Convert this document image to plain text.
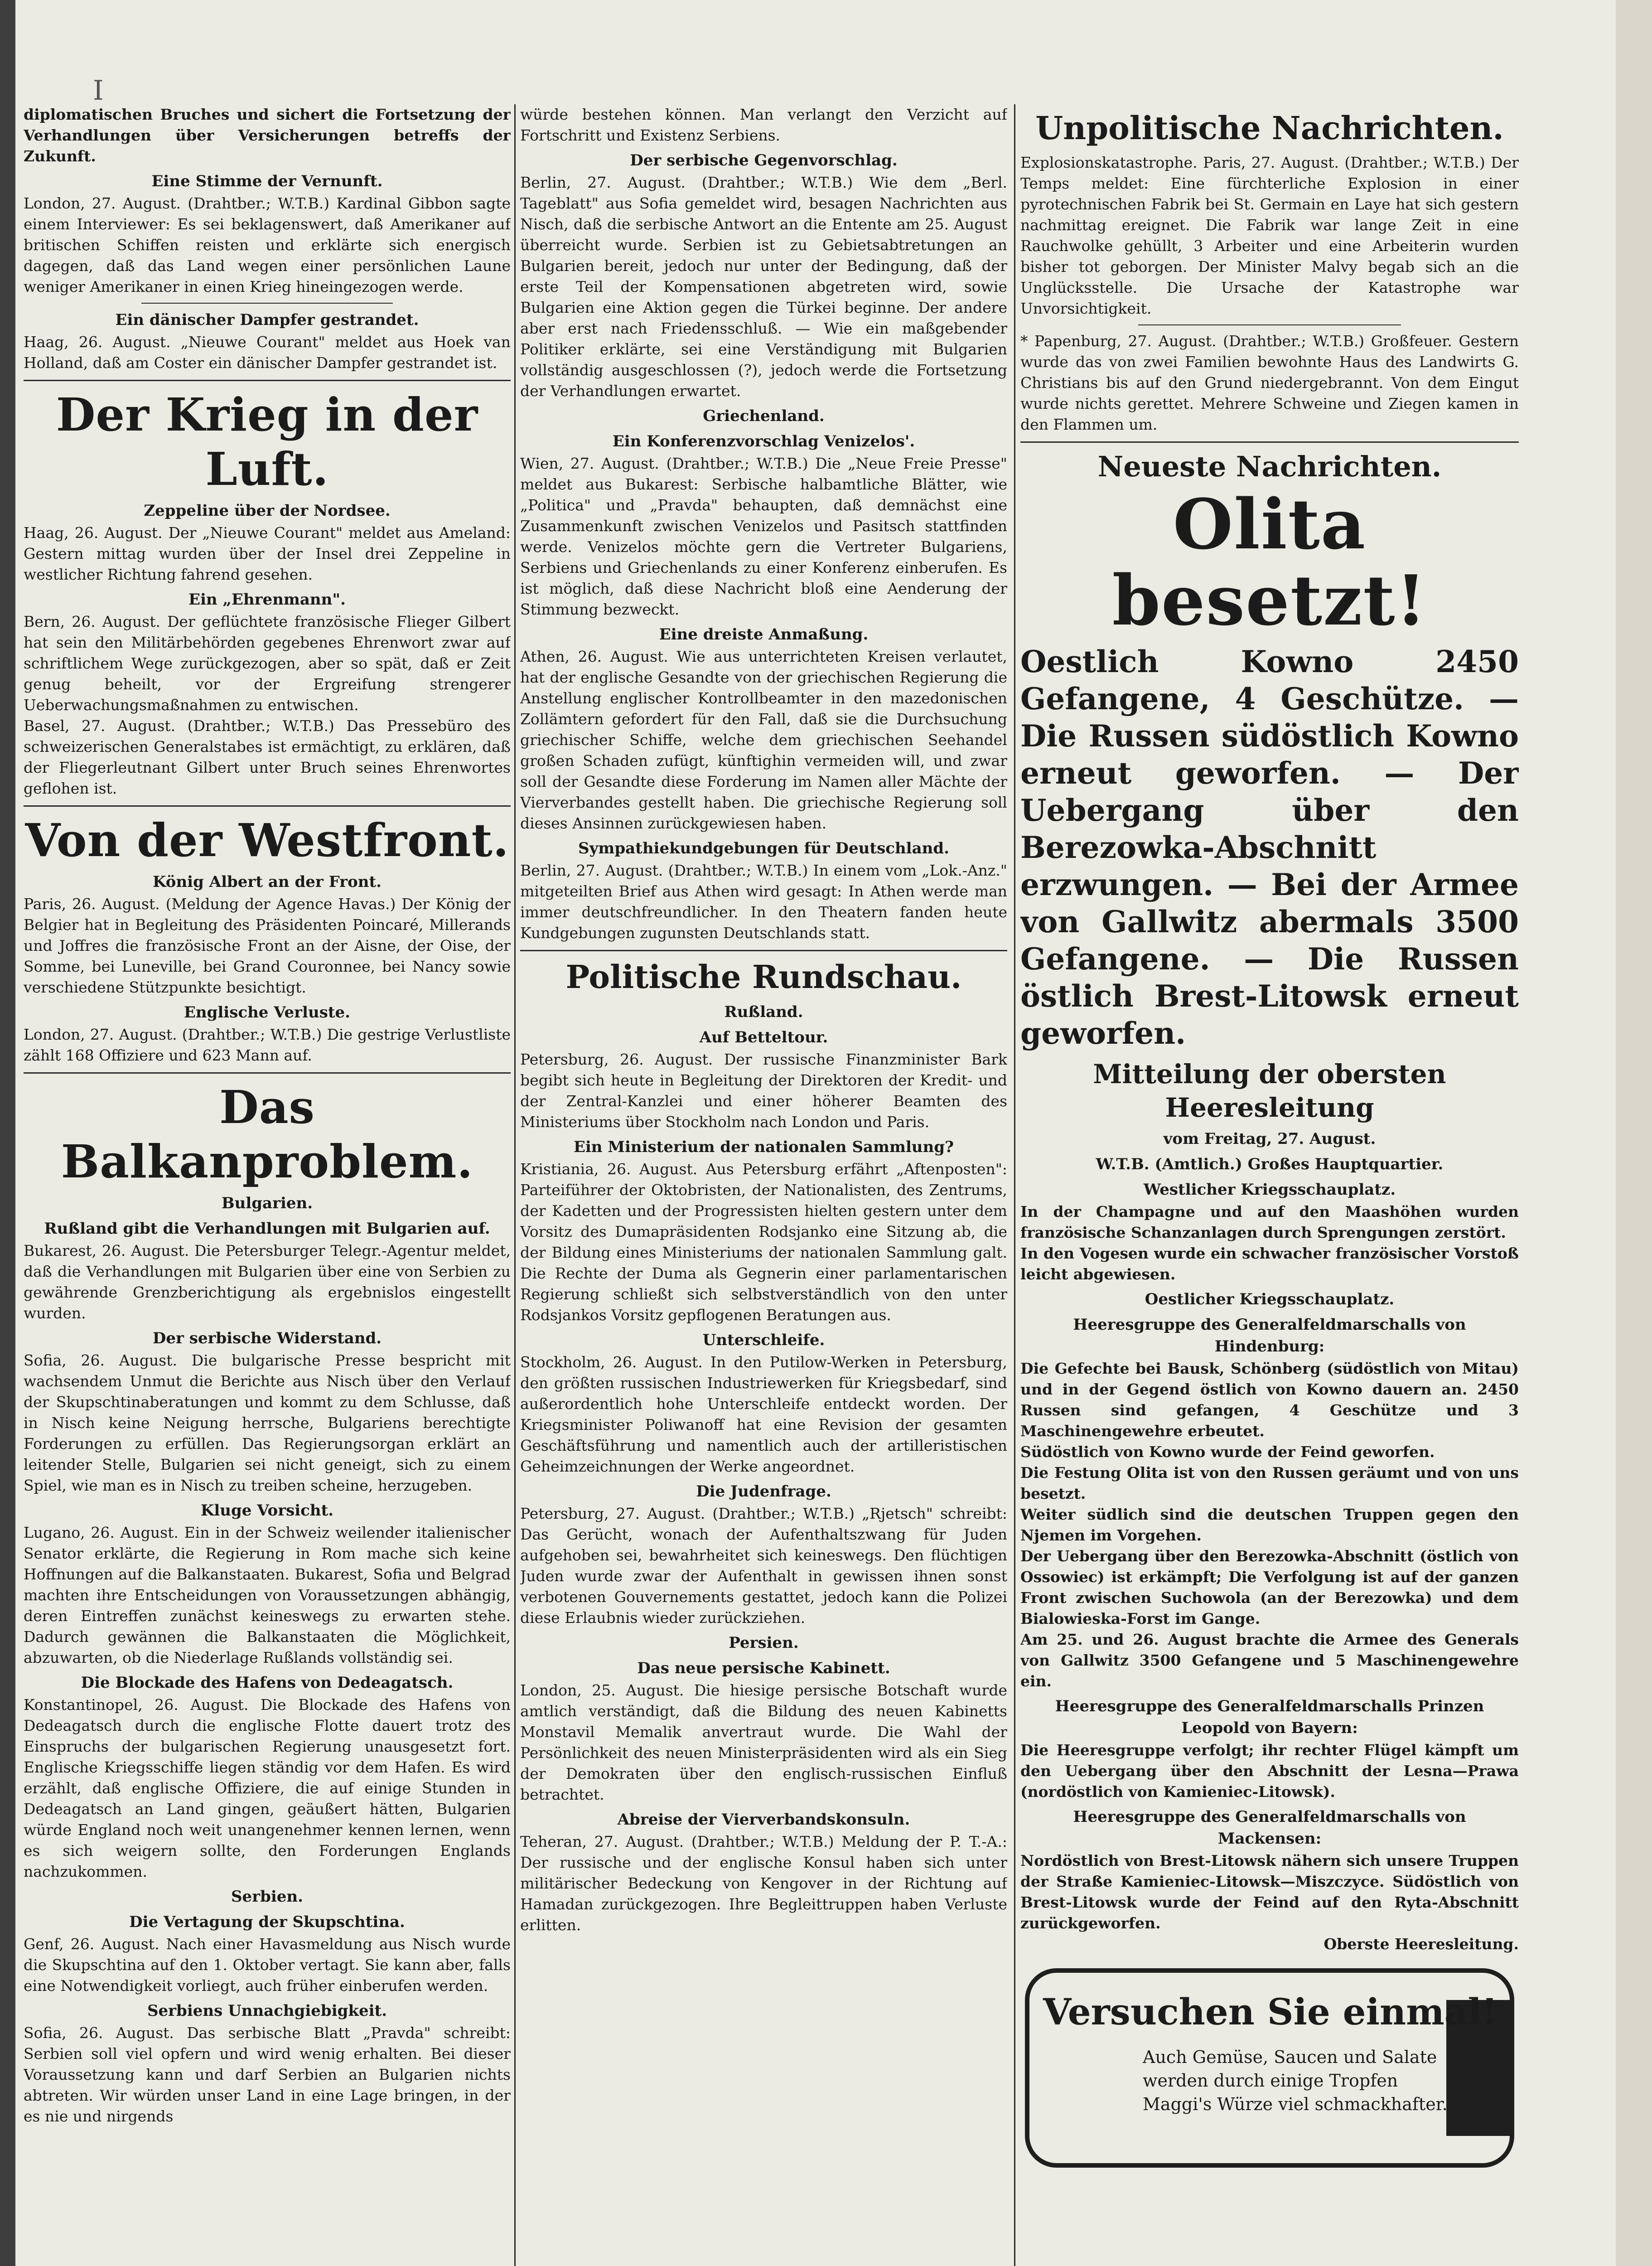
I

diplomatischen Bruches und sichert die Fortsetzung der Verhandlungen über Versicherungen betreffs der Zukunft.

Eine Stimme der Vernunft.

London, 27. August. (Drahtber.; W.T.B.) Kardinal Gibbon sagte einem Interviewer: Es sei beklagenswert, daß Amerikaner auf britischen Schiffen reisten und erklärte sich energisch dagegen, daß das Land wegen einer persönlichen Laune weniger Amerikaner in einen Krieg hineingezogen werde.

Ein dänischer Dampfer gestrandet.

Haag, 26. August. „Nieuwe Courant" meldet aus Hoek van Holland, daß am Coster ein dänischer Dampfer gestrandet ist.

Der Krieg in der Luft.
Zeppeline über der Nordsee.

Haag, 26. August. Der „Nieuwe Courant" meldet aus Ameland: Gestern mittag wurden über der Insel drei Zeppeline in westlicher Richtung fahrend gesehen.

Ein „Ehrenmann".

Bern, 26. August. Der geflüchtete französische Flieger Gilbert hat sein den Militärbehörden gegebenes Ehrenwort zwar auf schriftlichem Wege zurückgezogen, aber so spät, daß er Zeit genug beheilt, vor der Ergreifung strengerer Ueberwachungsmaßnahmen zu entwischen.

Basel, 27. August. (Drahtber.; W.T.B.) Das Pressebüro des schweizerischen Generalstabes ist ermächtigt, zu erklären, daß der Fliegerleutnant Gilbert unter Bruch seines Ehrenwortes geflohen ist.

Von der Westfront.
König Albert an der Front.

Paris, 26. August. (Meldung der Agence Havas.) Der König der Belgier hat in Begleitung des Präsidenten Poincaré, Millerands und Joffres die französische Front an der Aisne, der Oise, der Somme, bei Luneville, bei Grand Couronnee, bei Nancy sowie verschiedene Stützpunkte besichtigt.

Englische Verluste.

London, 27. August. (Drahtber.; W.T.B.) Die gestrige Verlustliste zählt 168 Offiziere und 623 Mann auf.

Das Balkanproblem.
Bulgarien.
Rußland gibt die Verhandlungen mit Bulgarien auf.

Bukarest, 26. August. Die Petersburger Telegr.-Agentur meldet, daß die Verhandlungen mit Bulgarien über eine von Serbien zu gewährende Grenzberichtigung als ergebnislos eingestellt wurden.

Der serbische Widerstand.

Sofia, 26. August. Die bulgarische Presse bespricht mit wachsendem Unmut die Berichte aus Nisch über den Verlauf der Skupschtinaberatungen und kommt zu dem Schlusse, daß in Nisch keine Neigung herrsche, Bulgariens berechtigte Forderungen zu erfüllen. Das Regierungsorgan erklärt an leitender Stelle, Bulgarien sei nicht geneigt, sich zu einem Spiel, wie man es in Nisch zu treiben scheine, herzugeben.

Kluge Vorsicht.

Lugano, 26. August. Ein in der Schweiz weilender italienischer Senator erklärte, die Regierung in Rom mache sich keine Hoffnungen auf die Balkanstaaten. Bukarest, Sofia und Belgrad machten ihre Entscheidungen von Voraussetzungen abhängig, deren Eintreffen zunächst keineswegs zu erwarten stehe. Dadurch gewännen die Balkanstaaten die Möglichkeit, abzuwarten, ob die Niederlage Rußlands vollständig sei.

Die Blockade des Hafens von Dedeagatsch.

Konstantinopel, 26. August. Die Blockade des Hafens von Dedeagatsch durch die englische Flotte dauert trotz des Einspruchs der bulgarischen Regierung unausgesetzt fort. Englische Kriegsschiffe liegen ständig vor dem Hafen. Es wird erzählt, daß englische Offiziere, die auf einige Stunden in Dedeagatsch an Land gingen, geäußert hätten, Bulgarien würde England noch weit unangenehmer kennen lernen, wenn es sich weigern sollte, den Forderungen Englands nachzukommen.

Serbien.
Die Vertagung der Skupschtina.

Genf, 26. August. Nach einer Havasmeldung aus Nisch wurde die Skupschtina auf den 1. Oktober vertagt. Sie kann aber, falls eine Notwendigkeit vorliegt, auch früher einberufen werden.

Serbiens Unnachgiebigkeit.

Sofia, 26. August. Das serbische Blatt „Pravda" schreibt: Serbien soll viel opfern und wird wenig erhalten. Bei dieser Voraussetzung kann und darf Serbien an Bulgarien nichts abtreten. Wir würden unser Land in eine Lage bringen, in der es nie und nirgends

würde bestehen können. Man verlangt den Verzicht auf Fortschritt und Existenz Serbiens.

Der serbische Gegenvorschlag.

Berlin, 27. August. (Drahtber.; W.T.B.) Wie dem „Berl. Tageblatt" aus Sofia gemeldet wird, besagen Nachrichten aus Nisch, daß die serbische Antwort an die Entente am 25. August überreicht wurde. Serbien ist zu Gebietsabtretungen an Bulgarien bereit, jedoch nur unter der Bedingung, daß der erste Teil der Kompensationen abgetreten wird, sowie Bulgarien eine Aktion gegen die Türkei beginne. Der andere aber erst nach Friedensschluß. — Wie ein maßgebender Politiker erklärte, sei eine Verständigung mit Bulgarien vollständig ausgeschlossen (?), jedoch werde die Fortsetzung der Verhandlungen erwartet.

Griechenland.
Ein Konferenzvorschlag Venizelos'.

Wien, 27. August. (Drahtber.; W.T.B.) Die „Neue Freie Presse" meldet aus Bukarest: Serbische halbamtliche Blätter, wie „Politica" und „Pravda" behaupten, daß demnächst eine Zusammenkunft zwischen Venizelos und Pasitsch stattfinden werde. Venizelos möchte gern die Vertreter Bulgariens, Serbiens und Griechenlands zu einer Konferenz einberufen. Es ist möglich, daß diese Nachricht bloß eine Aenderung der Stimmung bezweckt.

Eine dreiste Anmaßung.

Athen, 26. August. Wie aus unterrichteten Kreisen verlautet, hat der englische Gesandte von der griechischen Regierung die Anstellung englischer Kontrollbeamter in den mazedonischen Zollämtern gefordert für den Fall, daß sie die Durchsuchung griechischer Schiffe, welche dem griechischen Seehandel großen Schaden zufügt, künftighin vermeiden will, und zwar soll der Gesandte diese Forderung im Namen aller Mächte der Vierverbandes gestellt haben. Die griechische Regierung soll dieses Ansinnen zurückgewiesen haben.

Sympathiekundgebungen für Deutschland.

Berlin, 27. August. (Drahtber.; W.T.B.) In einem vom „Lok.-Anz." mitgeteilten Brief aus Athen wird gesagt: In Athen werde man immer deutschfreundlicher. In den Theatern fanden heute Kundgebungen zugunsten Deutschlands statt.

Politische Rundschau.
Rußland.
Auf Betteltour.

Petersburg, 26. August. Der russische Finanzminister Bark begibt sich heute in Begleitung der Direktoren der Kredit- und der Zentral-Kanzlei und einer höherer Beamten des Ministeriums über Stockholm nach London und Paris.

Ein Ministerium der nationalen Sammlung?

Kristiania, 26. August. Aus Petersburg erfährt „Aftenposten": Parteiführer der Oktobristen, der Nationalisten, des Zentrums, der Kadetten und der Progressisten hielten gestern unter dem Vorsitz des Dumapräsidenten Rodsjanko eine Sitzung ab, die der Bildung eines Ministeriums der nationalen Sammlung galt. Die Rechte der Duma als Gegnerin einer parlamentarischen Regierung schließt sich selbstverständlich von den unter Rodsjankos Vorsitz gepflogenen Beratungen aus.

Unterschleife.

Stockholm, 26. August. In den Putilow-Werken in Petersburg, den größten russischen Industriewerken für Kriegsbedarf, sind außerordentlich hohe Unterschleife entdeckt worden. Der Kriegsminister Poliwanoff hat eine Revision der gesamten Geschäftsführung und namentlich auch der artilleristischen Geheimzeichnungen der Werke angeordnet.

Die Judenfrage.

Petersburg, 27. August. (Drahtber.; W.T.B.) „Rjetsch" schreibt: Das Gerücht, wonach der Aufenthaltszwang für Juden aufgehoben sei, bewahrheitet sich keineswegs. Den flüchtigen Juden wurde zwar der Aufenthalt in gewissen ihnen sonst verbotenen Gouvernements gestattet, jedoch kann die Polizei diese Erlaubnis wieder zurückziehen.

Persien.
Das neue persische Kabinett.

London, 25. August. Die hiesige persische Botschaft wurde amtlich verständigt, daß die Bildung des neuen Kabinetts Monstavil Memalik anvertraut wurde. Die Wahl der Persönlichkeit des neuen Ministerpräsidenten wird als ein Sieg der Demokraten über den englisch-russischen Einfluß betrachtet.

Abreise der Vierverbandskonsuln.

Teheran, 27. August. (Drahtber.; W.T.B.) Meldung der P. T.-A.: Der russische und der englische Konsul haben sich unter militärischer Bedeckung von Kengover in der Richtung auf Hamadan zurückgezogen. Ihre Begleittruppen haben Verluste erlitten.

Unpolitische Nachrichten.

Explosionskatastrophe. Paris, 27. August. (Drahtber.; W.T.B.) Der Temps meldet: Eine fürchterliche Explosion in einer pyrotechnischen Fabrik bei St. Germain en Laye hat sich gestern nachmittag ereignet. Die Fabrik war lange Zeit in eine Rauchwolke gehüllt, 3 Arbeiter und eine Arbeiterin wurden bisher tot geborgen. Der Minister Malvy begab sich an die Unglücksstelle. Die Ursache der Katastrophe war Unvorsichtigkeit.

* Papenburg, 27. August. (Drahtber.; W.T.B.) Großfeuer. Gestern wurde das von zwei Familien bewohnte Haus des Landwirts G. Christians bis auf den Grund niedergebrannt. Von dem Eingut wurde nichts gerettet. Mehrere Schweine und Ziegen kamen in den Flammen um.

Neueste Nachrichten.
Olita besetzt!

Oestlich Kowno 2450 Gefangene, 4 Geschütze. — Die Russen südöstlich Kowno erneut geworfen. — Der Uebergang über den Berezowka-Abschnitt erzwungen. — Bei der Armee von Gallwitz abermals 3500 Gefangene. — Die Russen östlich Brest-Litowsk erneut geworfen.

Mitteilung der obersten Heeresleitung
vom Freitag, 27. August.
W.T.B. (Amtlich.) Großes Hauptquartier.
Westlicher Kriegsschauplatz.

In der Champagne und auf den Maashöhen wurden französische Schanzanlagen durch Sprengungen zerstört.

In den Vogesen wurde ein schwacher französischer Vorstoß leicht abgewiesen.

Oestlicher Kriegsschauplatz.
Heeresgruppe des Generalfeldmarschalls von Hindenburg:

Die Gefechte bei Bausk, Schönberg (südöstlich von Mitau) und in der Gegend östlich von Kowno dauern an. 2450 Russen sind gefangen, 4 Geschütze und 3 Maschinengewehre erbeutet.

Südöstlich von Kowno wurde der Feind geworfen.

Die Festung Olita ist von den Russen geräumt und von uns besetzt.

Weiter südlich sind die deutschen Truppen gegen den Njemen im Vorgehen.

Der Uebergang über den Berezowka-Abschnitt (östlich von Ossowiec) ist erkämpft; Die Verfolgung ist auf der ganzen Front zwischen Suchowola (an der Berezowka) und dem Bialowieska-Forst im Gange.

Am 25. und 26. August brachte die Armee des Generals von Gallwitz 3500 Gefangene und 5 Maschinengewehre ein.

Heeresgruppe des Generalfeldmarschalls Prinzen Leopold von Bayern:

Die Heeresgruppe verfolgt; ihr rechter Flügel kämpft um den Uebergang über den Abschnitt der Lesna—Prawa (nordöstlich von Kamieniec-Litowsk).

Heeresgruppe des Generalfeldmarschalls von Mackensen:

Nordöstlich von Brest-Litowsk nähern sich unsere Truppen der Straße Kamieniec-Litowsk—Miszczyce. Südöstlich von Brest-Litowsk wurde der Feind auf den Ryta-Abschnitt zurückgeworfen.

Oberste Heeresleitung.

Versuchen Sie einmal!
Auch Gemüse, Saucen und Salate werden durch einige Tropfen Maggi's Würze viel schmackhafter.
